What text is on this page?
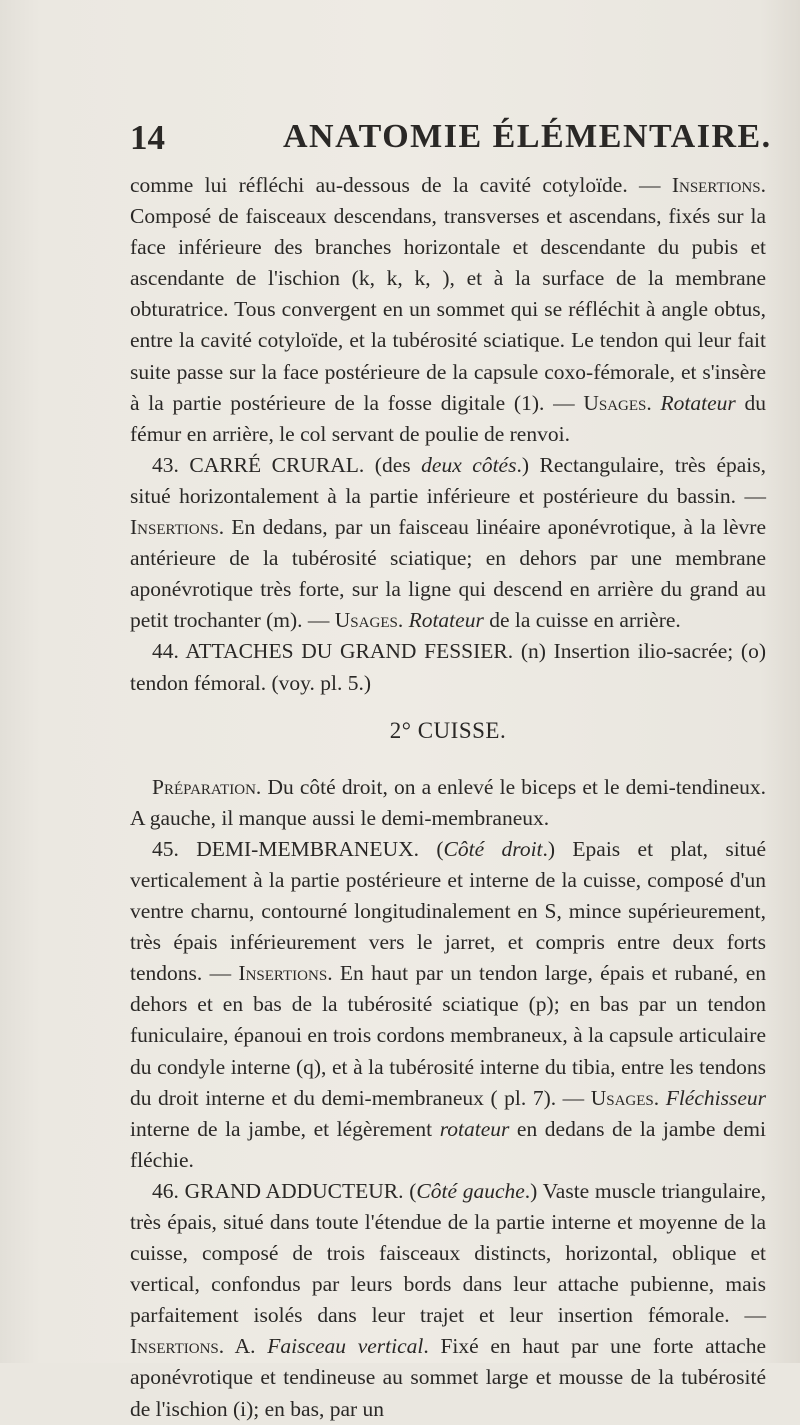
14	ANATOMIE ÉLÉMENTAIRE.

comme lui réfléchi au-dessous de la cavité cotyloïde. — Insertions. Composé de faisceaux descendans, transverses et ascendans, fixés sur la face inférieure des branches horizontale et descendante du pubis et ascendante de l'ischion (k, k, k, ), et à la surface de la membrane obturatrice. Tous convergent en un sommet qui se réfléchit à angle obtus, entre la cavité cotyloïde, et la tubérosité sciatique. Le tendon qui leur fait suite passe sur la face postérieure de la capsule coxo-fémorale, et s'insère à la partie postérieure de la fosse digitale (1). — Usages. Rotateur du fémur en arrière, le col servant de poulie de renvoi.

43. CARRÉ CRURAL. (des deux côtés.) Rectangulaire, très épais, situé horizontalement à la partie inférieure et postérieure du bassin. — Insertions. En dedans, par un faisceau linéaire aponévrotique, à la lèvre antérieure de la tubérosité sciatique; en dehors par une membrane aponévrotique très forte, sur la ligne qui descend en arrière du grand au petit trochanter (m). — Usages. Rotateur de la cuisse en arrière.

44. ATTACHES DU GRAND FESSIER. (n) Insertion ilio-sacrée; (o) tendon fémoral. (voy. pl. 5.)

2° CUISSE.

Préparation. Du côté droit, on a enlevé le biceps et le demi-tendineux. A gauche, il manque aussi le demi-membraneux.

45. DEMI-MEMBRANEUX. (Côté droit.) Epais et plat, situé verticalement à la partie postérieure et interne de la cuisse, composé d'un ventre charnu, contourné longitudinalement en S, mince supérieurement, très épais inférieurement vers le jarret, et compris entre deux forts tendons. — Insertions. En haut par un tendon large, épais et rubané, en dehors et en bas de la tubérosité sciatique (p); en bas par un tendon funiculaire, épanoui en trois cordons membraneux, à la capsule articulaire du condyle interne (q), et à la tubérosité interne du tibia, entre les tendons du droit interne et du demi-membraneux ( pl. 7). — Usages. Fléchisseur interne de la jambe, et légèrement rotateur en dedans de la jambe demi fléchie.

46. GRAND ADDUCTEUR. (Côté gauche.) Vaste muscle triangulaire, très épais, situé dans toute l'étendue de la partie interne et moyenne de la cuisse, composé de trois faisceaux distincts, horizontal, oblique et vertical, confondus par leurs bords dans leur attache pubienne, mais parfaitement isolés dans leur trajet et leur insertion fémorale. — Insertions. A. Faisceau vertical. Fixé en haut par une forte attache aponévrotique et tendineuse au sommet large et mousse de la tubérosité de l'ischion (i); en bas, par un
